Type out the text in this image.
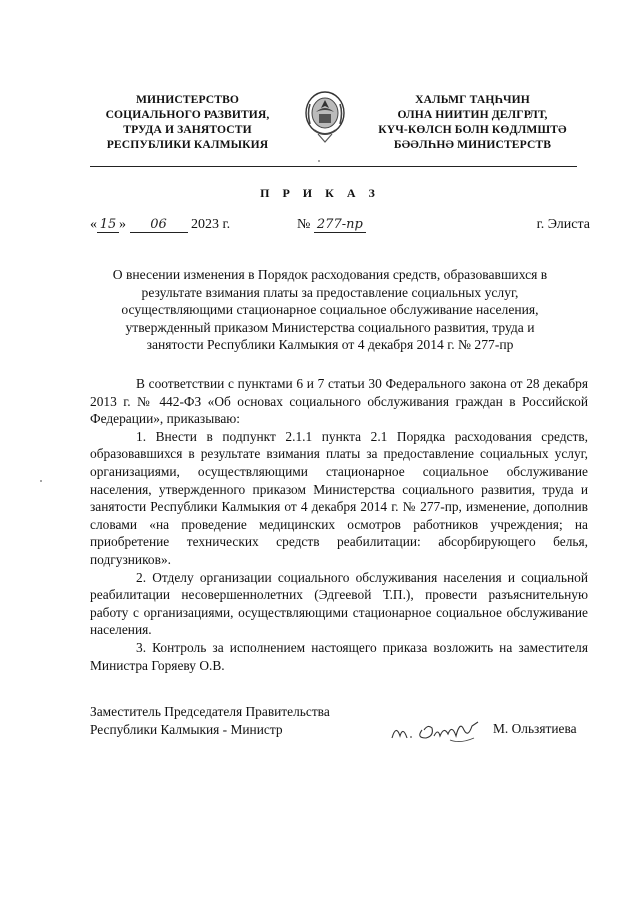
МИНИСТЕРСТВО
СОЦИАЛЬНОГО РАЗВИТИЯ,
ТРУДА И ЗАНЯТОСТИ
РЕСПУБЛИКИ КАЛМЫКИЯ
ХАЛЬМГ ТАҢҺЧИН
ОЛНА НИИТИН ДЕЛГРЛТ,
КҮЧ-КӨЛСН БОЛН КӨДЛМШТӘ
БӘӘЛҺНӘ МИНИСТЕРСТВ
П Р И К А З
« 15 » 06 2023 г.	№ 277-пр	г. Элиста
О внесении изменения в Порядок расходования средств, образовавшихся в
результате взимания платы за предоставление социальных услуг,
осуществляющими стационарное социальное обслуживание населения,
утвержденный приказом Министерства социального развития, труда и
занятости Республики Калмыкия от 4 декабря 2014 г. № 277-пр

В соответствии с пунктами 6 и 7 статьи 30 Федерального закона от 28 декабря 2013 г. № 442-ФЗ «Об основах социального обслуживания граждан в Российской Федерации», приказываю:

1. Внести в подпункт 2.1.1 пункта 2.1 Порядка расходования средств, образовавшихся в результате взимания платы за предоставление социальных услуг, организациями, осуществляющими стационарное социальное обслуживание населения, утвержденного приказом Министерства социального развития, труда и занятости Республики Калмыкия от 4 декабря 2014 г. № 277-пр, изменение, дополнив словами «на проведение медицинских осмотров работников учреждения; на приобретение технических средств реабилитации: абсорбирующего белья, подгузников».

2. Отделу организации социального обслуживания населения и социальной реабилитации несовершеннолетних (Эдгеевой Т.П.), провести разъяснительную работу с организациями, осуществляющими стационарное социальное обслуживание населения.

3. Контроль за исполнением настоящего приказа возложить на заместителя Министра Горяеву О.В.

Заместитель Председателя Правительства
Республики Калмыкия - Министр	М. Ользятиева
